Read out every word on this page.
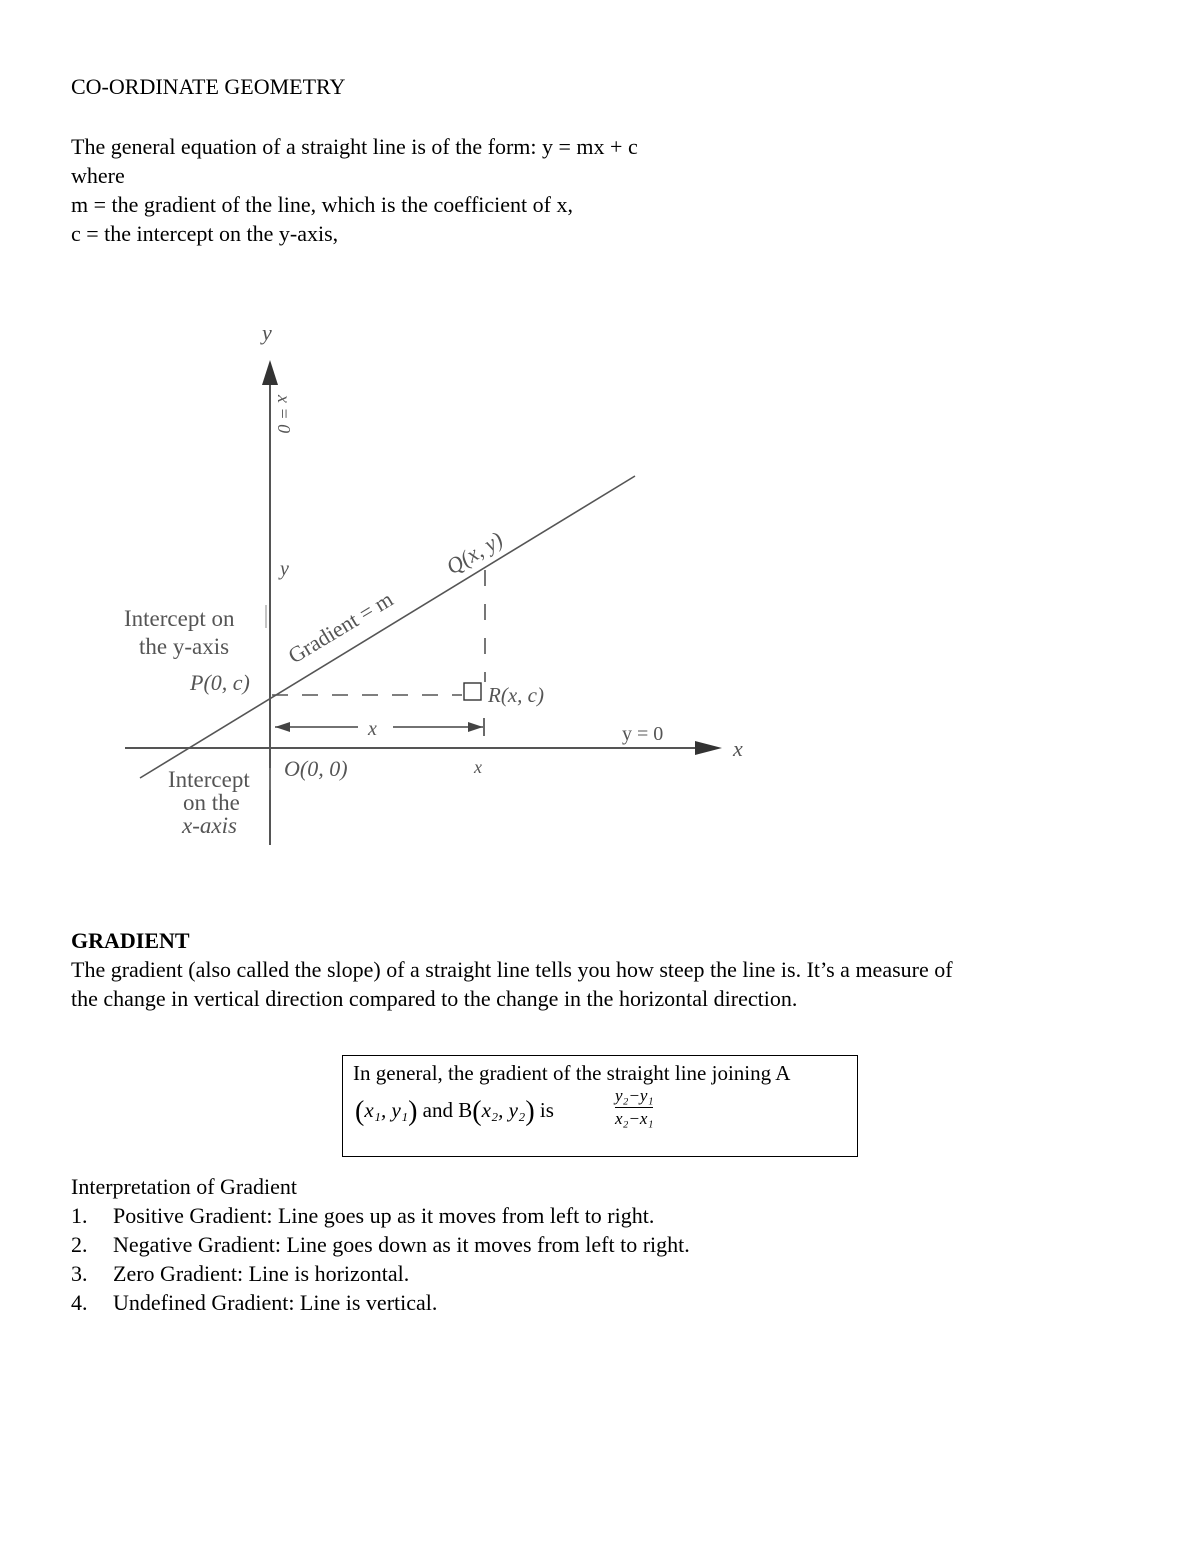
CO-ORDINATE GEOMETRY
The general equation of a straight line is of the form: y = mx + c
where
m = the gradient of the line, which is the coefficient of x,
c = the intercept on the y-axis,
y
x
x = 0
y = 0
y
x
x
Gradient = m
Q(x, y)
R(x, c)
P(0, c)
O(0, 0)
Intercept on
the y-axis
Intercept
on the
x-axis
GRADIENT
The gradient (also called the slope) of a straight line tells you how steep the line is. It’s a measure of
the change in vertical direction compared to the change in the horizontal direction.
In general, the gradient of the straight line joining A
(x₁, y₁) and B(x₂, y₂) is
y₂−y₁
x₂−x₁
Interpretation of Gradient
1. Positive Gradient: Line goes up as it moves from left to right.
2. Negative Gradient: Line goes down as it moves from left to right.
3. Zero Gradient: Line is horizontal.
4. Undefined Gradient: Line is vertical.
